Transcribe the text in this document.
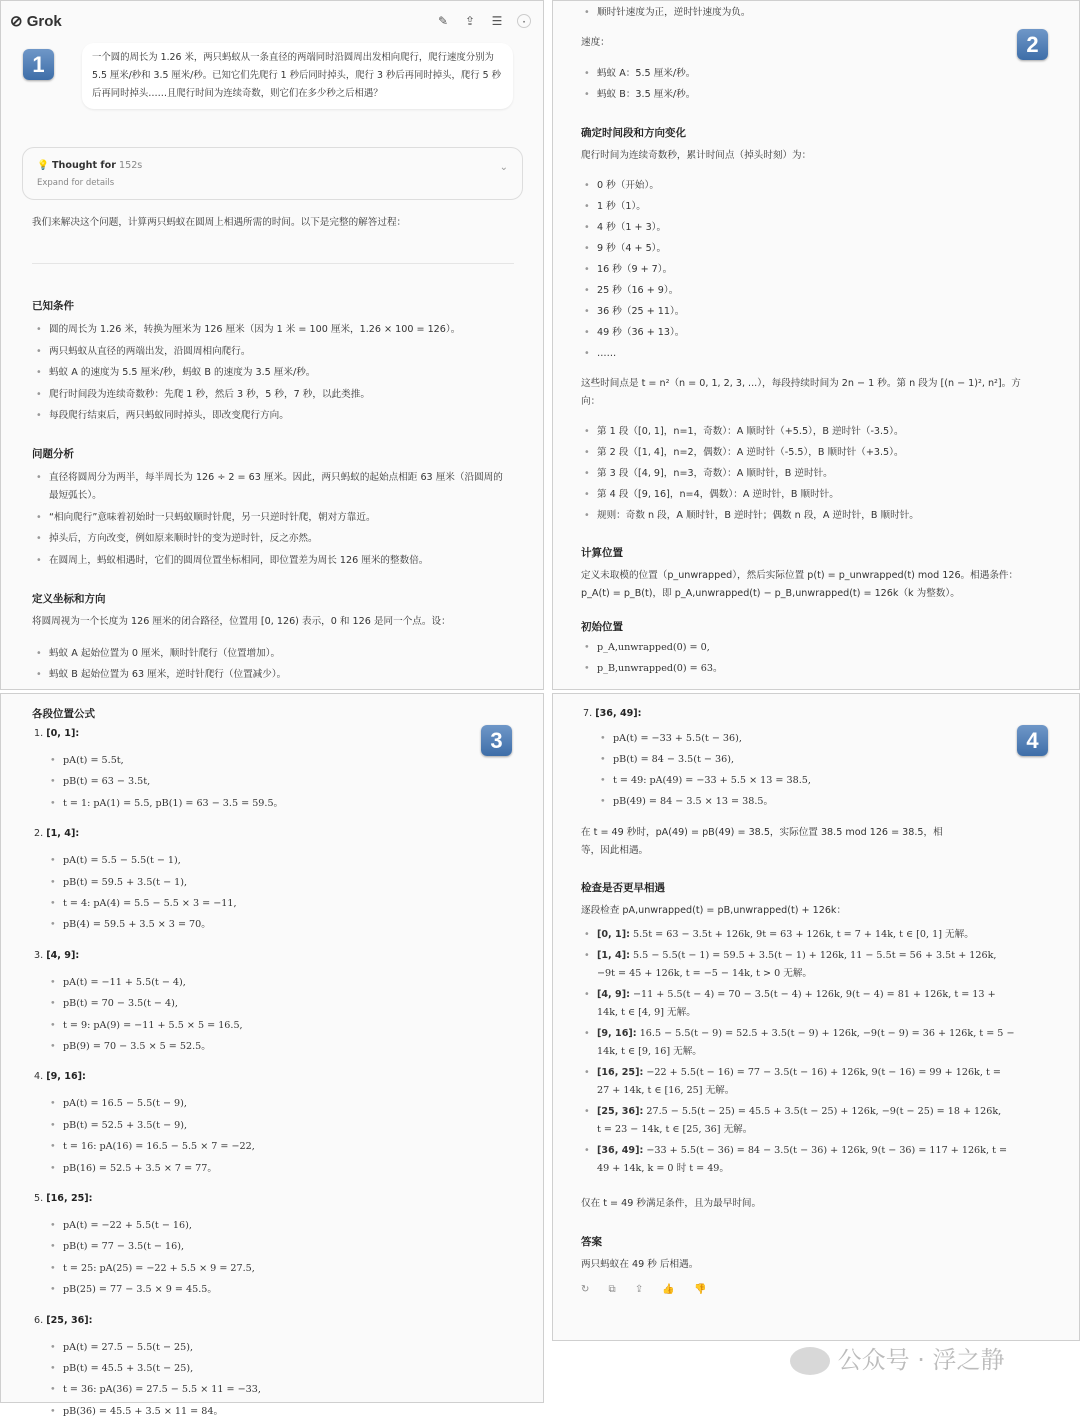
⊘ Grok	✎ ⇪ ☰	·
1	一个圆的周长为 1.26 米，两只蚂蚁从一条直径的两端同时沿圆周出发相向爬行，爬行速度分别为 5.5 厘米/秒和 3.5 厘米/秒。已知它们先爬行 1 秒后同时掉头，爬行 3 秒后再同时掉头，爬行 5 秒后再同时掉头……且爬行时间为连续奇数，则它们在多少秒之后相遇？
💡 Thought for 152s
Expand for details
⌄
我们来解决这个问题，计算两只蚂蚁在圆周上相遇所需的时间。以下是完整的解答过程：
已知条件
• 圆的周长为 1.26 米，转换为厘米为 126 厘米（因为 1 米 = 100 厘米，1.26 × 100 = 126）。
• 两只蚂蚁从直径的两端出发，沿圆周相向爬行。
• 蚂蚁 A 的速度为 5.5 厘米/秒，蚂蚁 B 的速度为 3.5 厘米/秒。
• 爬行时间段为连续奇数秒：先爬 1 秒，然后 3 秒，5 秒，7 秒，以此类推。
• 每段爬行结束后，两只蚂蚁同时掉头，即改变爬行方向。
问题分析
• 直径将圆周分为两半，每半周长为 126 ÷ 2 = 63 厘米。因此，两只蚂蚁的起始点相距 63 厘米（沿圆周的最短弧长）。
• “相向爬行”意味着初始时一只蚂蚁顺时针爬，另一只逆时针爬，朝对方靠近。
• 掉头后，方向改变，例如原来顺时针的变为逆时针，反之亦然。
• 在圆周上，蚂蚁相遇时，它们的圆周位置坐标相同，即位置差为周长 126 厘米的整数倍。
定义坐标和方向
将圆周视为一个长度为 126 厘米的闭合路径，位置用 [0, 126) 表示，0 和 126 是同一个点。设：
• 蚂蚁 A 起始位置为 0 厘米，顺时针爬行（位置增加）。
• 蚂蚁 B 起始位置为 63 厘米，逆时针爬行（位置减少）。
• 顺时针速度为正，逆时针速度为负。
2
速度：
• 蚂蚁 A：5.5 厘米/秒。
• 蚂蚁 B：3.5 厘米/秒。
确定时间段和方向变化
爬行时间为连续奇数秒，累计时间点（掉头时刻）为：
• 0 秒（开始）。
• 1 秒（1）。
• 4 秒（1 + 3）。
• 9 秒（4 + 5）。
• 16 秒（9 + 7）。
• 25 秒（16 + 9）。
• 36 秒（25 + 11）。
• 49 秒（36 + 13）。
• ……
这些时间点是 t = n²（n = 0, 1, 2, 3, ...），每段持续时间为 2n − 1 秒。第 n 段为 [(n − 1)², n²]。方
向：
• 第 1 段（[0, 1]，n=1，奇数）：A 顺时针（+5.5），B 逆时针（-3.5）。
• 第 2 段（[1, 4]，n=2，偶数）：A 逆时针（-5.5），B 顺时针（+3.5）。
• 第 3 段（[4, 9]，n=3，奇数）：A 顺时针，B 逆时针。
• 第 4 段（[9, 16]，n=4，偶数）：A 逆时针，B 顺时针。
• 规则：奇数 n 段，A 顺时针，B 逆时针；偶数 n 段，A 逆时针，B 顺时针。
计算位置
定义未取模的位置（p_unwrapped），然后实际位置 p(t) = p_unwrapped(t) mod 126。相遇条件：
p_A(t) = p_B(t)，即 p_A,unwrapped(t) − p_B,unwrapped(t) = 126k（k 为整数）。
初始位置
• p_A,unwrapped(0) = 0,
• p_B,unwrapped(0) = 63。
各段位置公式
3
1. [0, 1]:
• pA(t) = 5.5t,
• pB(t) = 63 − 3.5t,
• t = 1: pA(1) = 5.5, pB(1) = 63 − 3.5 = 59.5。
2. [1, 4]:
• pA(t) = 5.5 − 5.5(t − 1),
• pB(t) = 59.5 + 3.5(t − 1),
• t = 4: pA(4) = 5.5 − 5.5 × 3 = −11,
• pB(4) = 59.5 + 3.5 × 3 = 70。
3. [4, 9]:
• pA(t) = −11 + 5.5(t − 4),
• pB(t) = 70 − 3.5(t − 4),
• t = 9: pA(9) = −11 + 5.5 × 5 = 16.5,
• pB(9) = 70 − 3.5 × 5 = 52.5。
4. [9, 16]:
• pA(t) = 16.5 − 5.5(t − 9),
• pB(t) = 52.5 + 3.5(t − 9),
• t = 16: pA(16) = 16.5 − 5.5 × 7 = −22,
• pB(16) = 52.5 + 3.5 × 7 = 77。
5. [16, 25]:
• pA(t) = −22 + 5.5(t − 16),
• pB(t) = 77 − 3.5(t − 16),
• t = 25: pA(25) = −22 + 5.5 × 9 = 27.5,
• pB(25) = 77 − 3.5 × 9 = 45.5。
6. [25, 36]:
• pA(t) = 27.5 − 5.5(t − 25),
• pB(t) = 45.5 + 3.5(t − 25),
• t = 36: pA(36) = 27.5 − 5.5 × 11 = −33,
• pB(36) = 45.5 + 3.5 × 11 = 84。
7. [36, 49]:
4
• pA(t) = −33 + 5.5(t − 36),
• pB(t) = 84 − 3.5(t − 36),
• t = 49: pA(49) = −33 + 5.5 × 13 = 38.5,
• pB(49) = 84 − 3.5 × 13 = 38.5。
在 t = 49 秒时，pA(49) = pB(49) = 38.5，实际位置 38.5 mod 126 = 38.5，相
等，因此相遇。
检查是否更早相遇
逐段检查 pA,unwrapped(t) = pB,unwrapped(t) + 126k：
• [0, 1]: 5.5t = 63 − 3.5t + 126k, 9t = 63 + 126k, t = 7 + 14k, t ∈ [0, 1] 无解。
• [1, 4]: 5.5 − 5.5(t − 1) = 59.5 + 3.5(t − 1) + 126k, 11 − 5.5t = 56 + 3.5t + 126k,
−9t = 45 + 126k, t = −5 − 14k, t > 0 无解。
• [4, 9]: −11 + 5.5(t − 4) = 70 − 3.5(t − 4) + 126k, 9(t − 4) = 81 + 126k, t = 13 +
14k, t ∈ [4, 9] 无解。
• [9, 16]: 16.5 − 5.5(t − 9) = 52.5 + 3.5(t − 9) + 126k, −9(t − 9) = 36 + 126k, t = 5 −
14k, t ∈ [9, 16] 无解。
• [16, 25]: −22 + 5.5(t − 16) = 77 − 3.5(t − 16) + 126k, 9(t − 16) = 99 + 126k, t =
27 + 14k, t ∈ [16, 25] 无解。
• [25, 36]: 27.5 − 5.5(t − 25) = 45.5 + 3.5(t − 25) + 126k, −9(t − 25) = 18 + 126k,
t = 23 − 14k, t ∈ [25, 36] 无解。
• [36, 49]: −33 + 5.5(t − 36) = 84 − 3.5(t − 36) + 126k, 9(t − 36) = 117 + 126k, t =
49 + 14k, k = 0 时 t = 49。
仅在 t = 49 秒满足条件，且为最早时间。
答案
两只蚂蚁在 49 秒 后相遇。
↻ ⧉ ⇪ 👍 👎
公众号 · 浮之静
